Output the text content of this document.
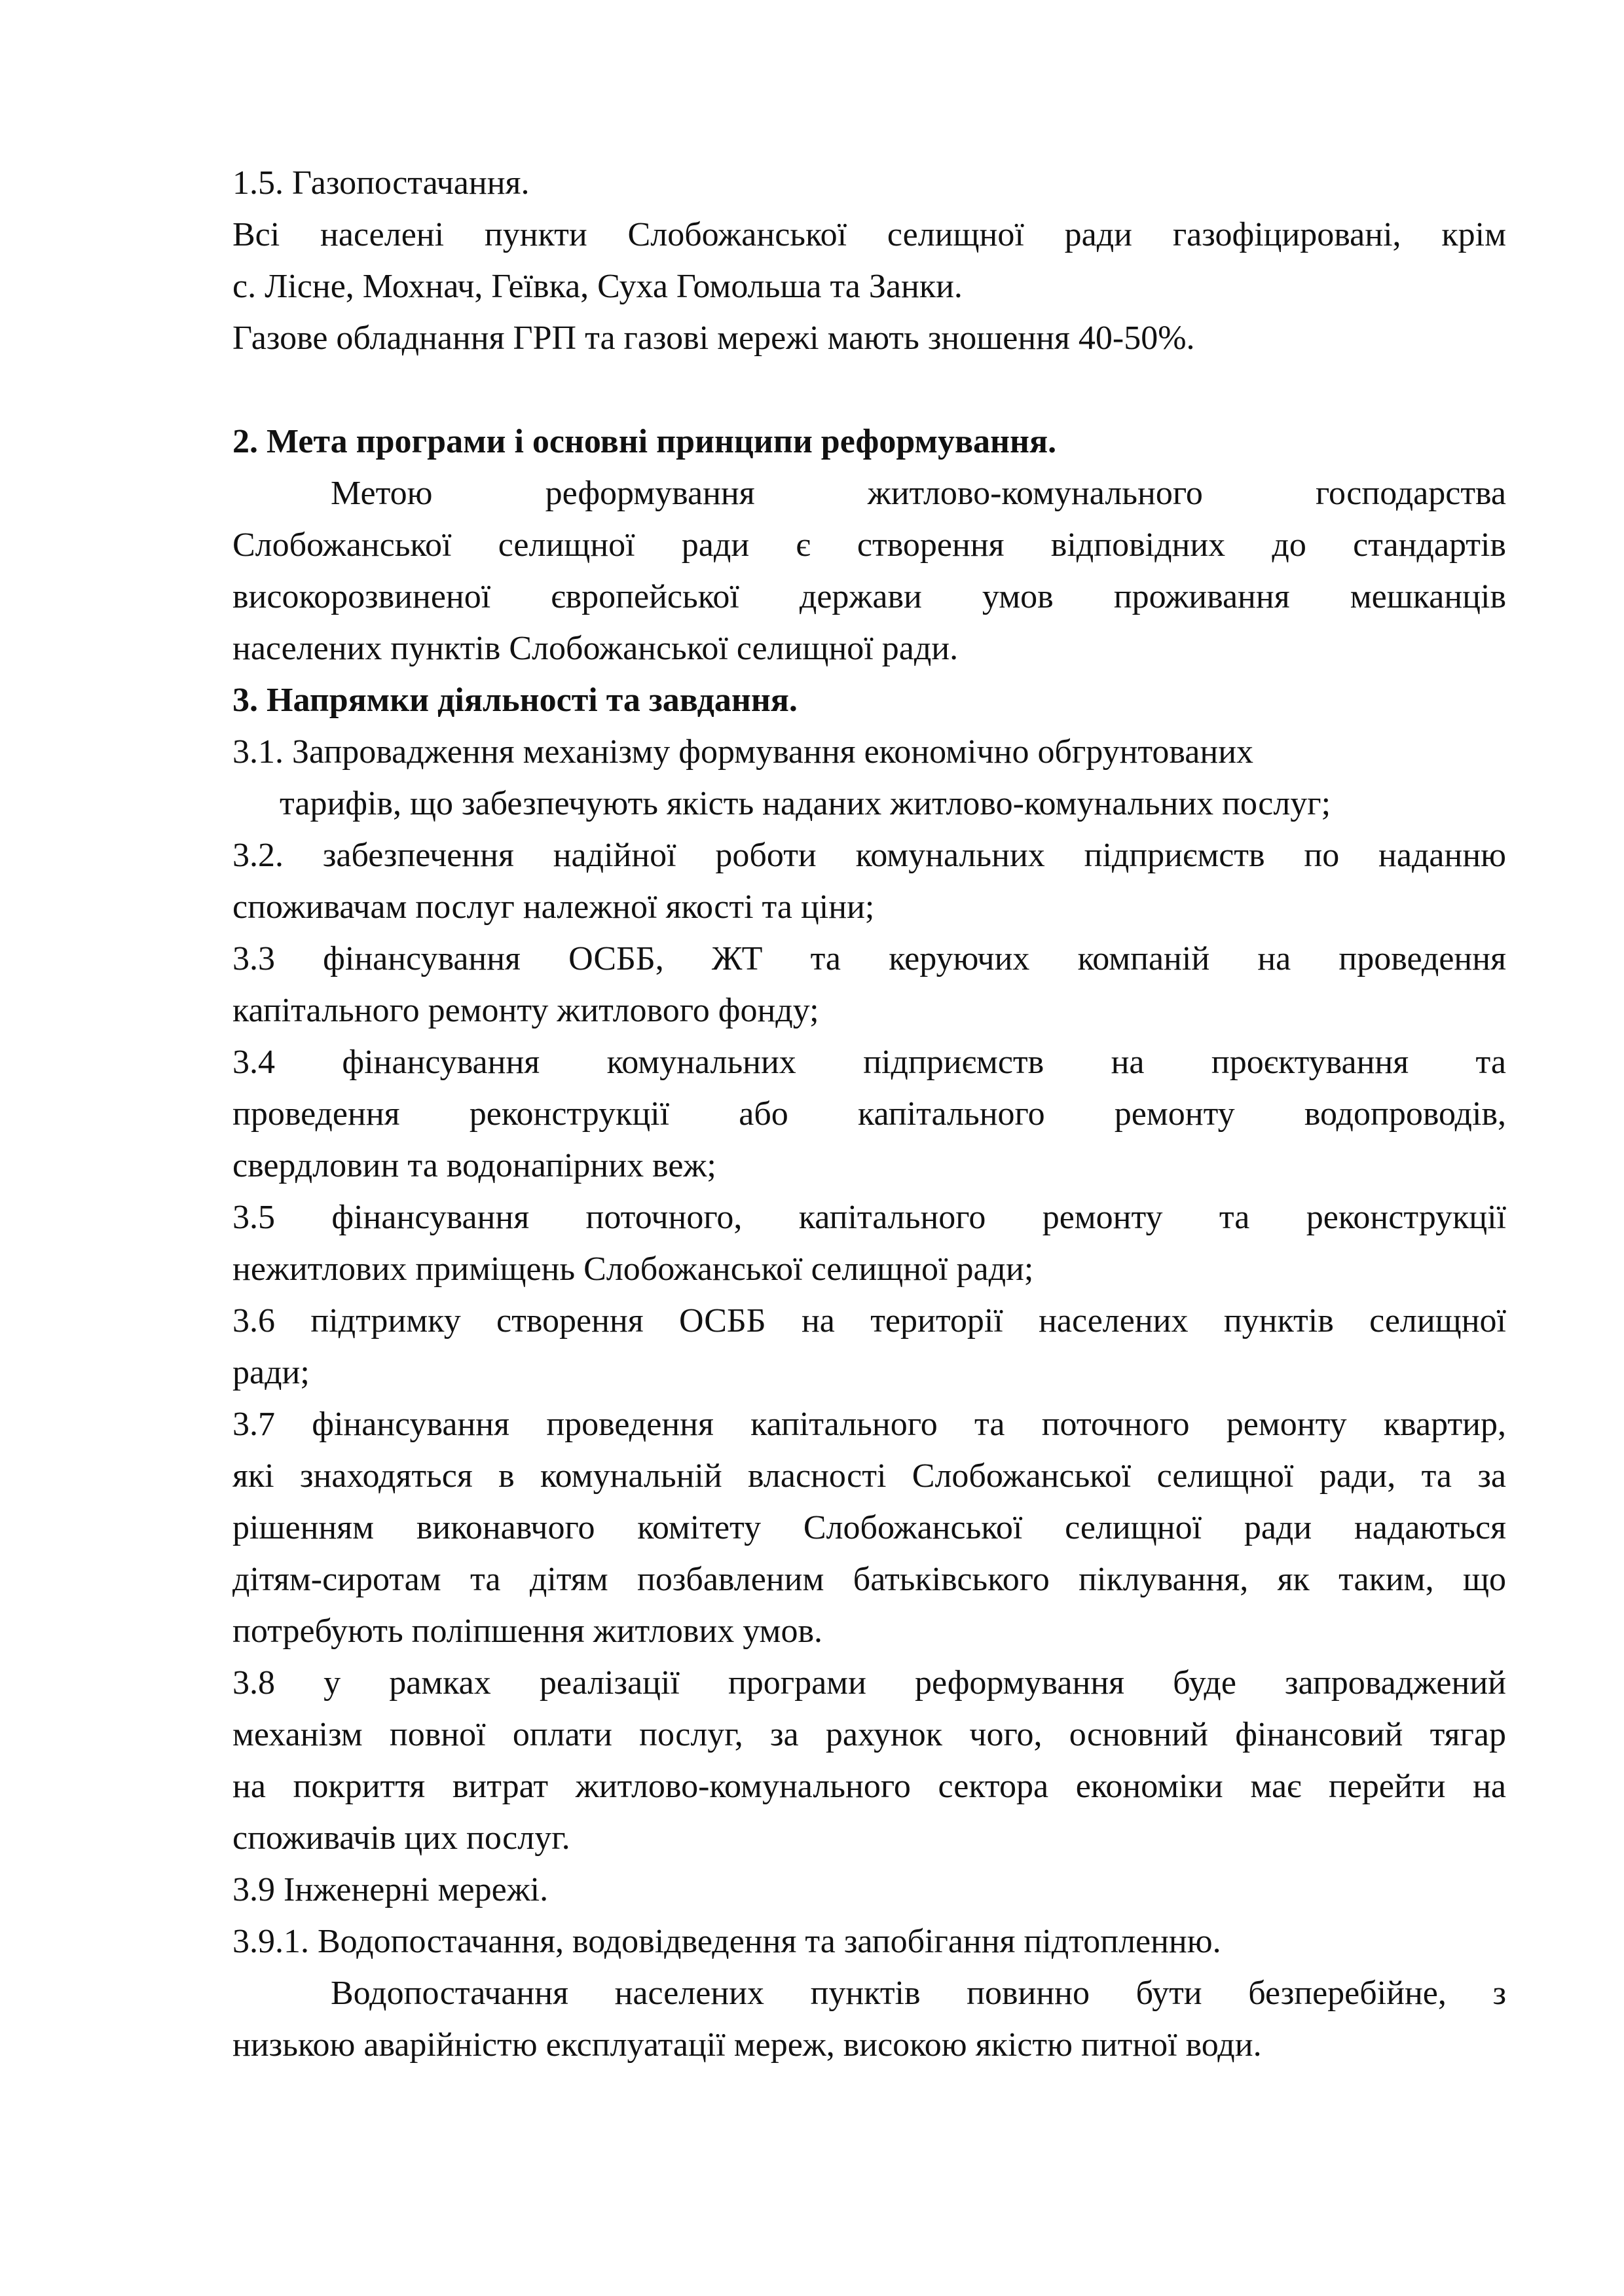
1.5. Газопостачання.
Всі населені пункти Слобожанської селищної ради газофіцировані, крім
с. Лісне, Мохнач, Геївка, Суха Гомольша та Занки.
Газове обладнання ГРП та газові мережі мають зношення 40-50%.
2. Мета програми і основні принципи реформування.
Метою реформування житлово-комунального господарства
Слобожанської селищної ради є створення відповідних до стандартів
високорозвиненої європейської держави умов проживання мешканців
населених пунктів Слобожанської селищної ради.
3. Напрямки діяльності та завдання.
3.1. Запровадження механізму формування економічно обгрунтованих
тарифів, що забезпечують якість наданих житлово-комунальних послуг;
3.2. забезпечення надійної роботи комунальних підприємств по наданню
споживачам послуг належної якості та ціни;
3.3 фінансування ОСББ, ЖТ та керуючих компаній на проведення
капітального ремонту житлового фонду;
3.4 фінансування комунальних підприємств на проєктування та
проведення реконструкції або капітального ремонту водопроводів,
свердловин та водонапірних веж;
3.5 фінансування поточного, капітального ремонту та реконструкції
нежитлових приміщень Слобожанської селищної ради;
3.6 підтримку створення ОСББ на території населених пунктів селищної
ради;
3.7 фінансування проведення капітального та поточного ремонту квартир,
які знаходяться в комунальній власності Слобожанської селищної ради, та за
рішенням виконавчого комітету Слобожанської селищної ради надаються
дітям-сиротам та дітям позбавленим батьківського піклування, як таким, що
потребують поліпшення житлових умов.
3.8 у рамках реалізації програми реформування буде запроваджений
механізм повної оплати послуг, за рахунок чого, основний фінансовий тягар
на покриття витрат житлово-комунального сектора економіки має перейти на
споживачів цих послуг.
3.9 Інженерні мережі.
3.9.1. Водопостачання, водовідведення та запобігання підтопленню.
Водопостачання населених пунктів повинно бути безперебійне, з
низькою аварійністю експлуатації мереж, високою якістю питної води.
